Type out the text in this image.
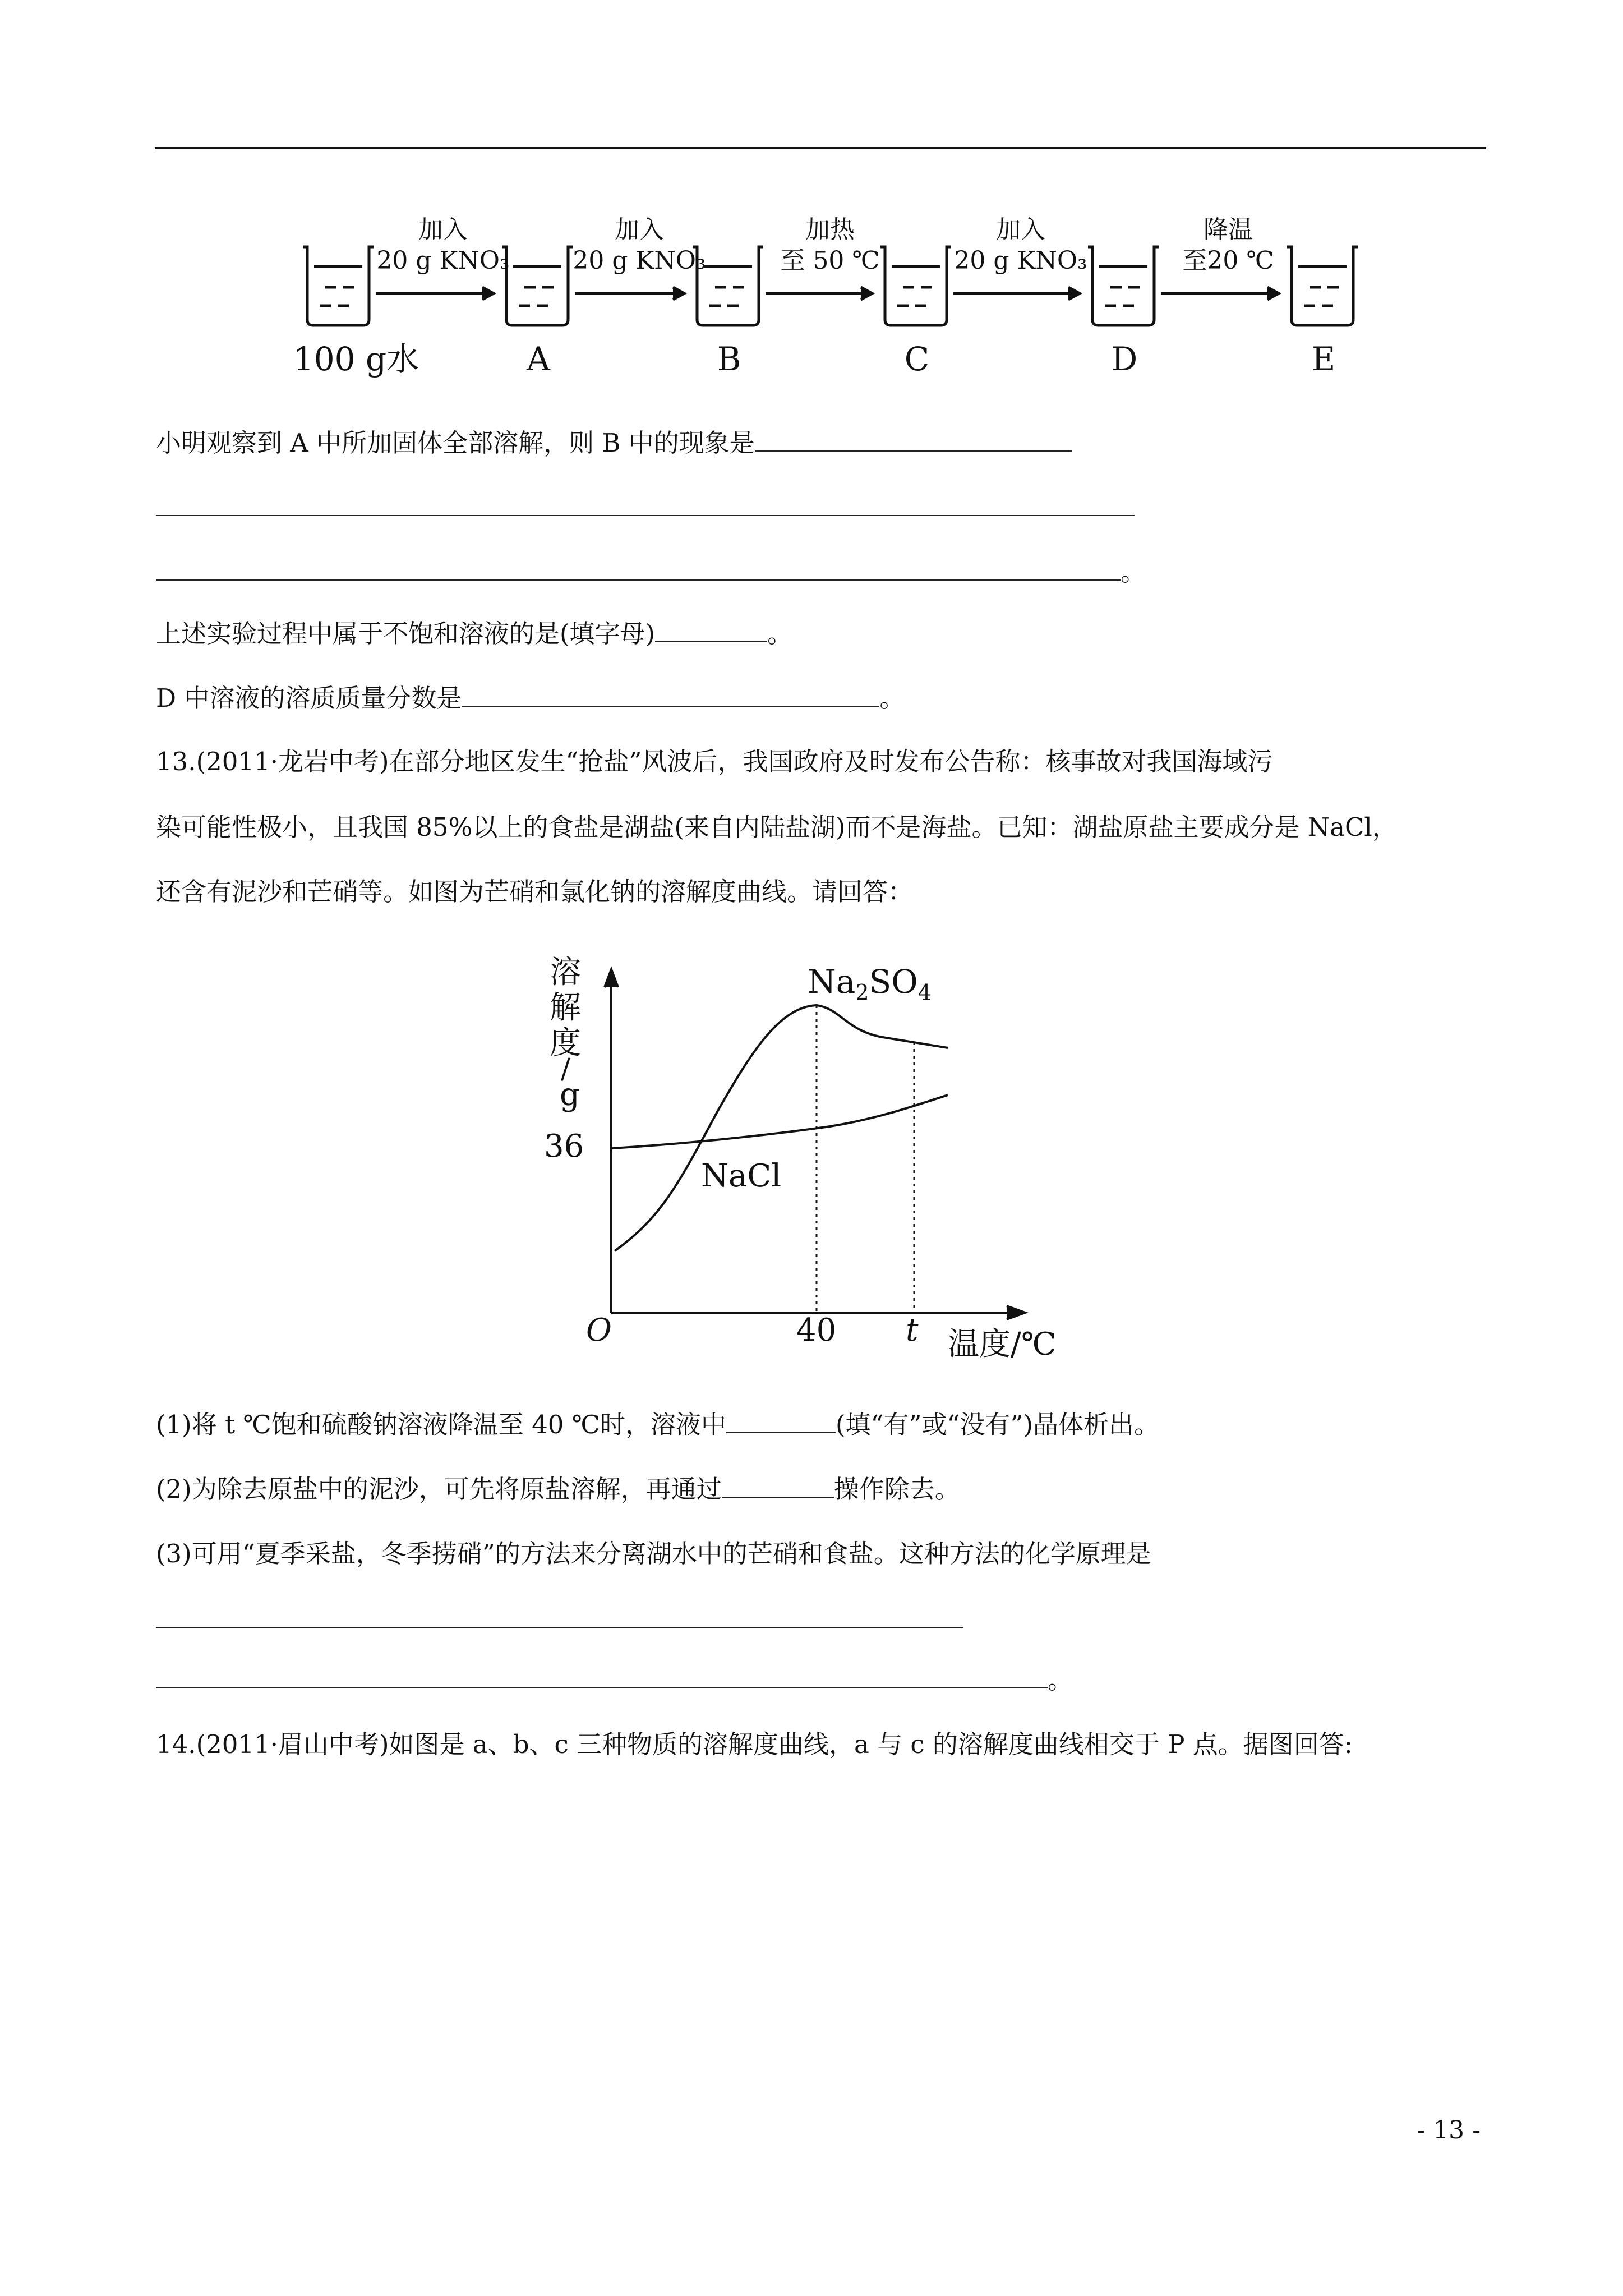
加入
20 g KNO₃
加入
20 g KNO₃
加热
至 50 ℃
加入
20 g KNO₃
降温
至20 ℃
100 g水	A	B	C	D	E
小明观察到 A 中所加固体全部溶解，则 B 中的现象是
。
上述实验过程中属于不饱和溶液的是(填字母)	。
D 中溶液的溶质质量分数是	。
13.(2011·龙岩中考)在部分地区发生“抢盐”风波后，我国政府及时发布公告称：核事故对我国海域污
染可能性极小，且我国 85%以上的食盐是湖盐(来自内陆盐湖)而不是海盐。已知：湖盐原盐主要成分是 NaCl，
还含有泥沙和芒硝等。如图为芒硝和氯化钠的溶解度曲线。请回答：
溶
解
度
/
g
36
$Na_2SO_4$
NaCl
O	40 t 温度/℃
(1)将 t ℃饱和硫酸钠溶液降温至 40 ℃时，溶液中	(填“有”或“没有”)晶体析出。
(2)为除去原盐中的泥沙，可先将原盐溶解，再通过	操作除去。
(3)可用“夏季采盐，冬季捞硝”的方法来分离湖水中的芒硝和食盐。这种方法的化学原理是
。
14.(2011·眉山中考)如图是 a、b、c 三种物质的溶解度曲线，a 与 c 的溶解度曲线相交于 P 点。据图回答:
- 13 -
